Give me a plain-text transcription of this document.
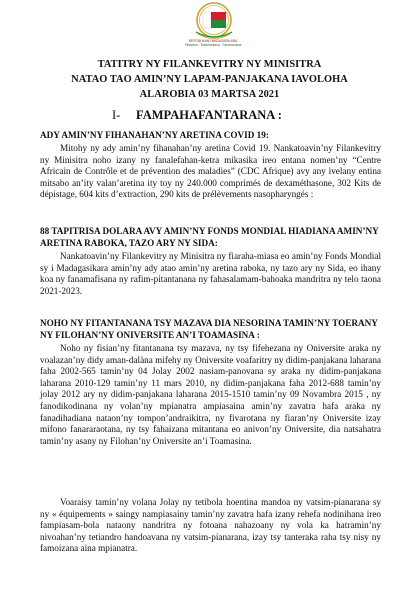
REPOBLIKAN'I MADAGASIKARA
Fitiavana - Tanindrazana - Fandrosoana
TATITRY NY FILANKEVITRY NY MINISITRA
NATAO TAO AMIN’NY LAPAM-PANJAKANA IAVOLOHA
ALAROBIA 03 MARTSA 2021
I- FAMPAHAFANTARANA :
ADY AMIN’NY FIHANAHAN’NY ARETINA COVID 19:
Mitohy ny ady amin’ny fihanahan’ny aretina Covid 19. Nankatoavin’ny Filankevitry ny Minisitra noho izany ny fanalefahan-ketra mikasika ireo entana nomen’ny “Centre Africain de Contrôle et de prévention des maladies” (CDC Afrique) avy any ivelany entina mitsabo an’ity valan’aretina ity toy ny 240.000 comprimés de dexaméthasone, 302 Kits de dépistage, 604 kits d’extraction, 290 kits de prélèvements nasopharyngés :
88 TAPITRISA DOLARA AVY AMIN’NY FONDS MONDIAL HIADIANA AMIN’NY ARETINA RABOKA, TAZO ARY NY SIDA:
Nankatoavin’ny Filankevitry ny Minisitra ny fiaraha-miasa eo amin’ny Fonds Mondial sy i Madagasikara amin’ny ady atao amin’ny aretina raboka, ny tazo ary ny Sida, eo ihany koa ny fanamafisana ny rafim-pitantanana ny fahasalamam-bahoaka mandritra ny telo taona 2021-2023.
NOHO NY FITANTANANA TSY MAZAVA DIA NESORINA TAMIN’NY TOERANY NY FILOHAN’NY ONIVERSITE AN’I TOAMASINA :
Noho ny fisian’ny fitantanana tsy mazava, ny tsy fifehezana ny Oniversite araka ny voalazan’ny didy aman-dalàna mifehy ny Oniversite voafaritry ny didim-panjakana laharana faha 2002-565 tamin’ny 04 Jolay 2002 nasiam-panovana sy araka ny didim-panjakana laharana 2010-129 tamin’ny 11 mars 2010, ny didim-panjakana faha 2012-688 tamin’ny jolay 2012 ary ny didim-panjakana laharana 2015-1510 tamin’ny 09 Novambra 2015 , ny fanodikodinana ny volan’ny mpianatra ampiasaina amin’ny zavatra hafa araka ny fanadihadiana nataon’ny tompon’andraikitra, ny fivarotana ny fiaran’ny Oniversite izay mifono fanararaotana, ny tsy fahaizana mitantana eo anivon’ny Oniversite, dia natsahatra tamin’ny asany ny Filohan’ny Oniversite an’i Toamasina.
Voaraisy tamin’ny volana Jolay ny tetibola hoentina mandoa ny vatsim-pianarana sy ny « équipements » saingy nampiasainy tamin’ny zavatra hafa izany rehefa nodinihana ireo fampiasam-bola nataony nandritra ny fotoana nahazoany ny vola ka hatramin’ny nivoahan’ny tetiandro handoavana ny vatsim-pianarana, izay tsy tanteraka raha tsy nisy ny famoizana aina mpianatra.
